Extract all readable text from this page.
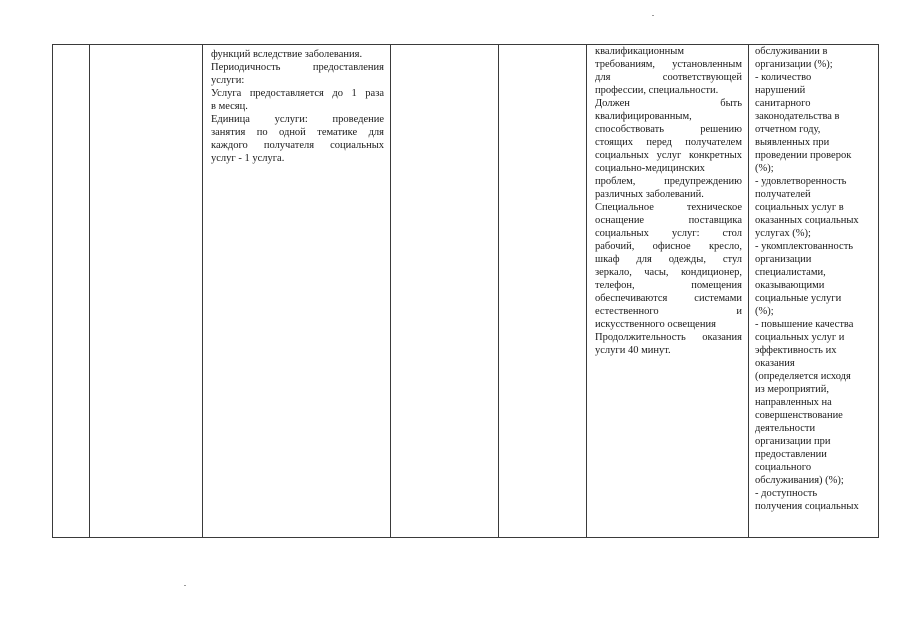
функций вследствие заболевания.
Периодичность предоставления
услуги:
Услуга предоставляется до 1 раза
в месяц.
Единица услуги: проведение
занятия по одной тематике для
каждого получателя социальных
услуг - 1 услуга.

квалификационным
требованиям, установленным
для соответствующей
профессии, специальности.
Должен быть
квалифицированным,
способствовать решению
стоящих перед получателем
социальных услуг конкретных
социально-медицинских
проблем, предупреждению
различных заболеваний.
Специальное техническое
оснащение поставщика
социальных услуг: стол
рабочий, офисное кресло,
шкаф для одежды, стул
зеркало, часы, кондиционер,
телефон, помещения
обеспечиваются системами
естественного и
искусственного освещения
Продолжительность оказания
услуги 40 минут.

обслуживании в
организации (%);
- количество
нарушений
санитарного
законодательства в
отчетном году,
выявленных при
проведении проверок
(%);
- удовлетворенность
получателей
социальных услуг в
оказанных социальных
услугах (%);
- укомплектованность
организации
специалистами,
оказывающими
социальные услуги
(%);
- повышение качества
социальных услуг и
эффективность их
оказания
(определяется исходя
из мероприятий,
направленных на
совершенствование
деятельности
организации при
предоставлении
социального
обслуживания) (%);
- доступность
получения социальных
